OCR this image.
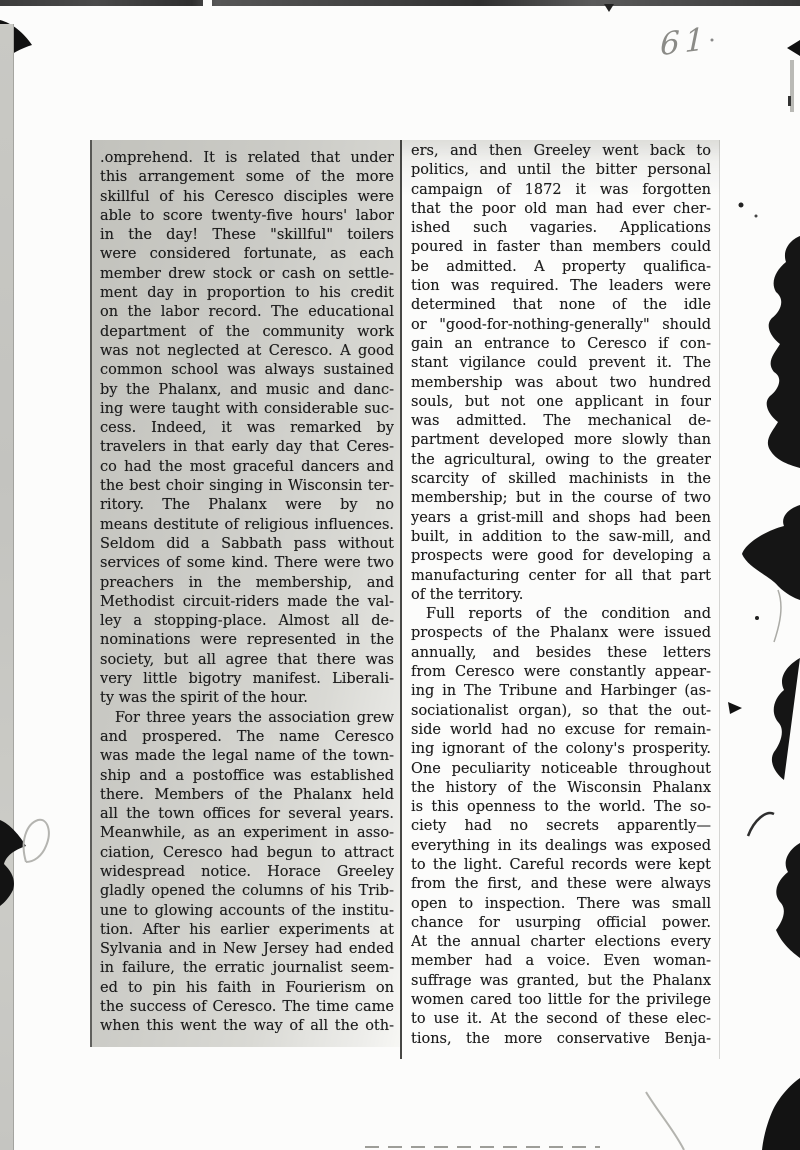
61
.omprehend. It is related that under
this arrangement some of the more
skillful of his Ceresco disciples were
able to score twenty-five hours' labor
in the day! These "skillful" toilers
were considered fortunate, as each
member drew stock or cash on settle-
ment day in proportion to his credit
on the labor record. The educational
department of the community work
was not neglected at Ceresco. A good
common school was always sustained
by the Phalanx, and music and danc-
ing were taught with considerable suc-
cess. Indeed, it was remarked by
travelers in that early day that Ceres-
co had the most graceful dancers and
the best choir singing in Wisconsin ter-
ritory. The Phalanx were by no
means destitute of religious influences.
Seldom did a Sabbath pass without
services of some kind. There were two
preachers in the membership, and
Methodist circuit-riders made the val-
ley a stopping-place. Almost all de-
nominations were represented in the
society, but all agree that there was
very little bigotry manifest. Liberali-
ty was the spirit of the hour.
For three years the association grew
and prospered. The name Ceresco
was made the legal name of the town-
ship and a postoffice was established
there. Members of the Phalanx held
all the town offices for several years.
Meanwhile, as an experiment in asso-
ciation, Ceresco had begun to attract
widespread notice. Horace Greeley
gladly opened the columns of his Trib-
une to glowing accounts of the institu-
tion. After his earlier experiments at
Sylvania and in New Jersey had ended
in failure, the erratic journalist seem-
ed to pin his faith in Fourierism on
the success of Ceresco. The time came
when this went the way of all the oth-
ers, and then Greeley went back to
politics, and until the bitter personal
campaign of 1872 it was forgotten
that the poor old man had ever cher-
ished such vagaries. Applications
poured in faster than members could
be admitted. A property qualifica-
tion was required. The leaders were
determined that none of the idle
or "good-for-nothing-generally" should
gain an entrance to Ceresco if con-
stant vigilance could prevent it. The
membership was about two hundred
souls, but not one applicant in four
was admitted. The mechanical de-
partment developed more slowly than
the agricultural, owing to the greater
scarcity of skilled machinists in the
membership; but in the course of two
years a grist-mill and shops had been
built, in addition to the saw-mill, and
prospects were good for developing a
manufacturing center for all that part
of the territory.
Full reports of the condition and
prospects of the Phalanx were issued
annually, and besides these letters
from Ceresco were constantly appear-
ing in The Tribune and Harbinger (as-
sociationalist organ), so that the out-
side world had no excuse for remain-
ing ignorant of the colony's prosperity.
One peculiarity noticeable throughout
the history of the Wisconsin Phalanx
is this openness to the world. The so-
ciety had no secrets apparently—
everything in its dealings was exposed
to the light. Careful records were kept
from the first, and these were always
open to inspection. There was small
chance for usurping official power.
At the annual charter elections every
member had a voice. Even woman-
suffrage was granted, but the Phalanx
women cared too little for the privilege
to use it. At the second of these elec-
tions, the more conservative Benja-
